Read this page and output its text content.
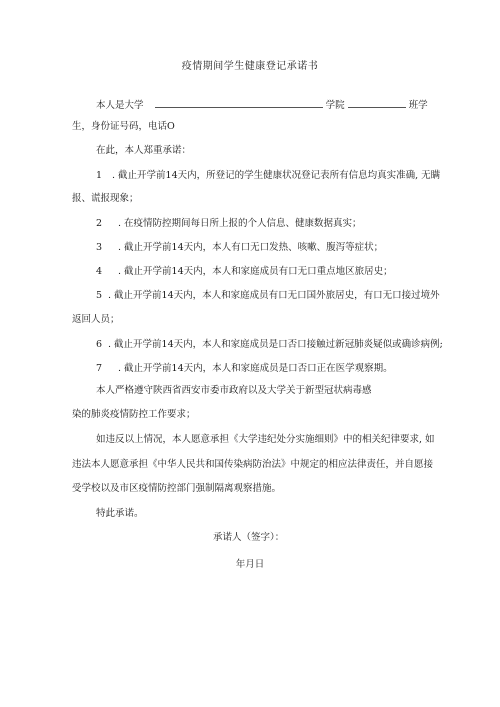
疫情期间学生健康登记承诺书
本人是大学	学院	班学
生，身份证号码，电话O
在此，本人郑重承诺：
1 . 截止开学前14天内，所登记的学生健康状况登记表所有信息均真实准确, 无瞒
报、谎报现象；
2 . 在疫情防控期间每日所上报的个人信息、健康数据真实；
3 . 截止开学前14天内，本人有口无口发热、咳嗽、腹泻等症状；
4 . 截止开学前14天内，本人和家庭成员有口无口重点地区旅居史；
5 . 截止开学前14天内，本人和家庭成员有口无口国外旅居史，有口无口接过境外
返回人员；
6 . 截止开学前14天内，本人和家庭成员是口否口接触过新冠肺炎疑似或确诊病例;
7 . 截止开学前14天内，本人和家庭成员是口否口正在医学观察期。
本人严格遵守陕西省西安市委市政府以及大学关于新型冠状病毒感
染的肺炎疫情防控工作要求；
如违反以上情况，本人愿意承担《大学违纪处分实施细则》中的相关纪律要求, 如
违法本人愿意承担《中华人民共和国传染病防治法》中规定的相应法律责任，并自愿接
受学校以及市区疫情防控部门强制隔离观察措施。
特此承诺。
承诺人（签字）：
年月日
